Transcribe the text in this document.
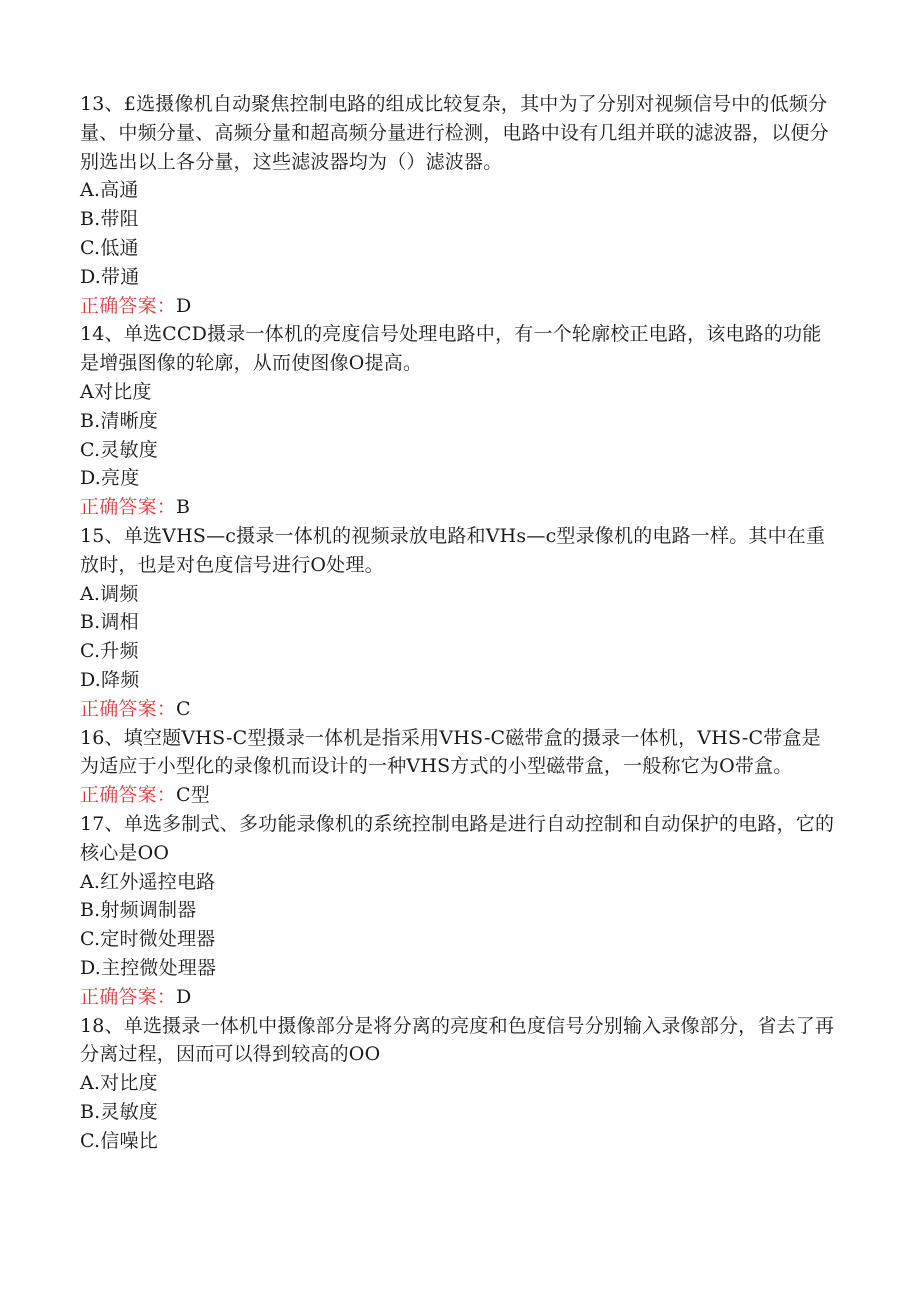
13、£选摄像机自动聚焦控制电路的组成比较复杂，其中为了分别对视频信号中的低频分量、中频分量、高频分量和超高频分量进行检测，电路中设有几组并联的滤波器，以便分别选出以上各分量，这些滤波器均为（）滤波器。

A.高通

B.带阻

C.低通

D.带通

正确答案：D

14、单选CCD摄录一体机的亮度信号处理电路中，有一个轮廓校正电路，该电路的功能是增强图像的轮廓，从而使图像O提高。

A对比度

B.清晰度

C.灵敏度

D.亮度

正确答案：B

15、单选VHS—c摄录一体机的视频录放电路和VHs—c型录像机的电路一样。其中在重放时，也是对色度信号进行O处理。

A.调频

B.调相

C.升频

D.降频

正确答案：C

16、填空题VHS-C型摄录一体机是指采用VHS-C磁带盒的摄录一体机，VHS-C带盒是为适应于小型化的录像机而设计的一种VHS方式的小型磁带盒，一般称它为O带盒。

正确答案：C型

17、单选多制式、多功能录像机的系统控制电路是进行自动控制和自动保护的电路，它的核心是OO

A.红外遥控电路

B.射频调制器

C.定时微处理器

D.主控微处理器

正确答案：D

18、单选摄录一体机中摄像部分是将分离的亮度和色度信号分别输入录像部分，省去了再分离过程，因而可以得到较高的OO

A.对比度

B.灵敏度

C.信噪比
